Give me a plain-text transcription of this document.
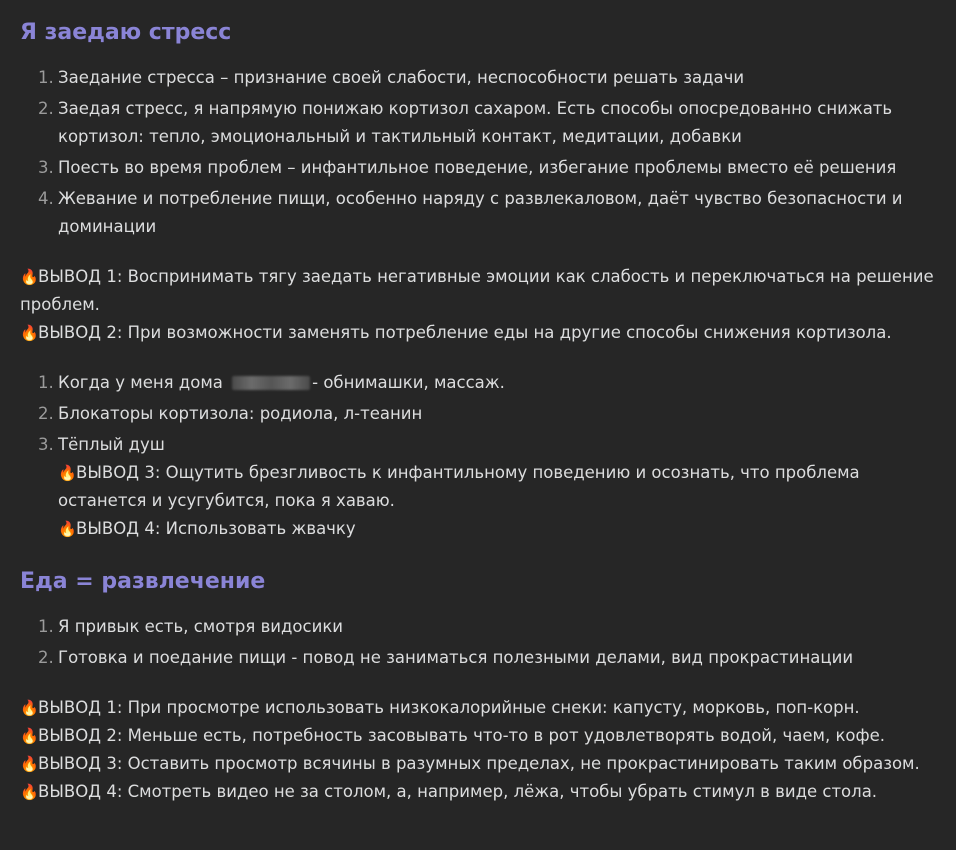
Я заедаю стресс
Заедание стресса – признание своей слабости, неспособности решать задачи
Заедая стресс, я напрямую понижаю кортизол сахаром. Есть способы опосредованно снижать кортизол: тепло, эмоциональный и тактильный контакт, медитации, добавки
Поесть во время проблем – инфантильное поведение, избегание проблемы вместо её решения
Жевание и потребление пищи, особенно наряду с развлекаловом, даёт чувство безопасности и доминации

🔥ВЫВОД 1: Воспринимать тягу заедать негативные эмоции как слабость и переключаться на решение проблем.

🔥ВЫВОД 2: При возможности заменять потребление еды на другие способы снижения кортизола.

Когда у меня дома	- обнимашки, массаж.
Блокаторы кортизола: родиола, л-теанин
Тёплый душ

🔥ВЫВОД 3: Ощутить брезгливость к инфантильному поведению и осознать, что проблема останется и усугубится, пока я хаваю.

🔥ВЫВОД 4: Использовать жвачку

Еда = развлечение
Я привык есть, смотря видосики
Готовка и поедание пищи - повод не заниматься полезными делами, вид прокрастинации

🔥ВЫВОД 1: При просмотре использовать низкокалорийные снеки: капусту, морковь, поп-корн.

🔥ВЫВОД 2: Меньше есть, потребность засовывать что-то в рот удовлетворять водой, чаем, кофе.

🔥ВЫВОД 3: Оставить просмотр всячины в разумных пределах, не прокрастинировать таким образом.

🔥ВЫВОД 4: Смотреть видео не за столом, а, например, лёжа, чтобы убрать стимул в виде стола.
